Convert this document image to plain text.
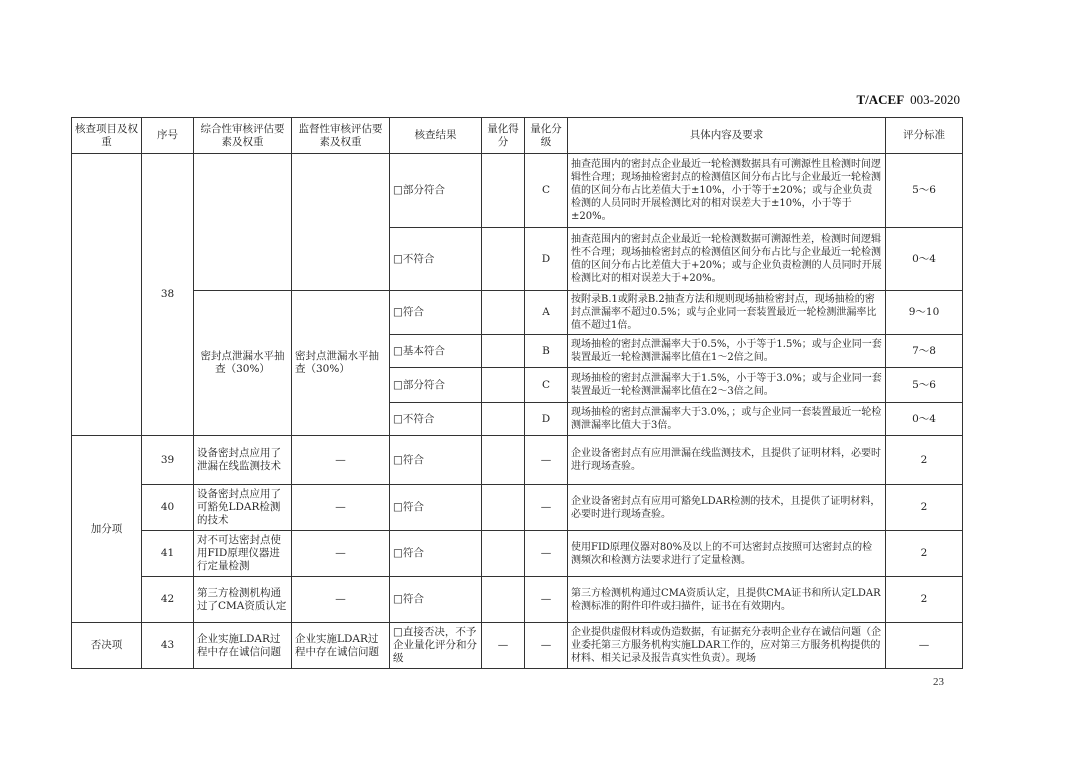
T/ACEF 003-2020
核查项目及权重	序号	综合性审核评估要素及权重	监督性审核评估要素及权重	核查结果	量化得分	量化分级	具体内容及要求	评分标准
	38			□部分符合		C	抽查范围内的密封点企业最近一轮检测数据具有可溯源性且检测时间逻辑性合理；现场抽检密封点的检测值区间分布占比与企业最近一轮检测值的区间分布占比差值大于±10%，小于等于±20%；或与企业负责检测的人员同时开展检测比对的相对误差大于±10%，小于等于±20%。	5～6
				□不符合		D	抽查范围内的密封点企业最近一轮检测数据可溯源性差，检测时间逻辑性不合理；现场抽检密封点的检测值区间分布占比与企业最近一轮检测值的区间分布占比差值大于+20%；或与企业负责检测的人员同时开展检测比对的相对误差大于+20%。	0～4
		密封点泄漏水平抽查（30%）	密封点泄漏水平抽查（30%）	□符合		A	按附录B.1或附录B.2抽查方法和规则现场抽检密封点，现场抽检的密封点泄漏率不超过0.5%；或与企业同一套装置最近一轮检测泄漏率比值不超过1倍。	9～10
				□基本符合		B	现场抽检的密封点泄漏率大于0.5%，小于等于1.5%；或与企业同一套装置最近一轮检测泄漏率比值在1～2倍之间。	7～8
				□部分符合		C	现场抽检的密封点泄漏率大于1.5%，小于等于3.0%；或与企业同一套装置最近一轮检测泄漏率比值在2～3倍之间。	5～6
				□不符合		D	现场抽检的密封点泄漏率大于3.0%，；或与企业同一套装置最近一轮检测泄漏率比值大于3倍。	0～4
加分项	39	设备密封点应用了泄漏在线监测技术	—	□符合		—	企业设备密封点有应用泄漏在线监测技术，且提供了证明材料，必要时进行现场查验。	2
	40	设备密封点应用了可豁免LDAR检测的技术	—	□符合		—	企业设备密封点有应用可豁免LDAR检测的技术，且提供了证明材料，必要时进行现场查验。	2
	41	对不可达密封点使用FID原理仪器进行定量检测	—	□符合		—	使用FID原理仪器对80%及以上的不可达密封点按照可达密封点的检测频次和检测方法要求进行了定量检测。	2
	42	第三方检测机构通过了CMA资质认定	—	□符合		—	第三方检测机构通过CMA资质认定，且提供CMA证书和所认定LDAR检测标准的附件印件或扫描件，证书在有效期内。	2
否决项	43	企业实施LDAR过程中存在诚信问题	企业实施LDAR过程中存在诚信问题	□直接否决，不予企业量化评分和分级	—	—	企业提供虚假材料或伪造数据，有证据充分表明企业存在诚信问题（企业委托第三方服务机构实施LDAR工作的，应对第三方服务机构提供的材料、相关记录及报告真实性负责）。现场	—
23
